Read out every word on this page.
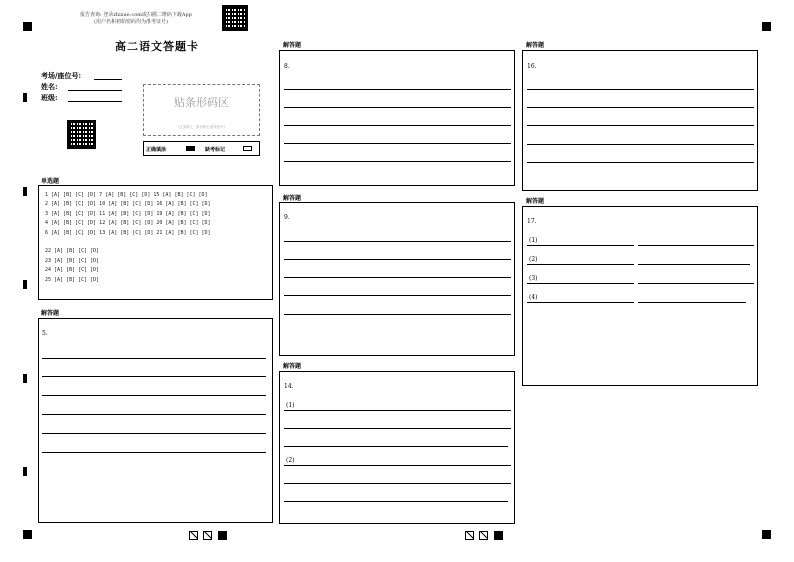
报告查询: 登录zhixue.com或扫描二维码下载App
(用户名和初始密码均为准考证号)
高二语文答题卡
考场/座位号:
姓名:
班级:	贴条形码区
(正面朝上, 请勿贴出虚线框外)
正确填涂	缺考标记
单选题
1 [A] [B] [C] [D] 7 [A] [B] [C] [D] 15 [A] [B] [C] [D]
2 [A] [B] [C] [D] 10 [A] [B] [C] [D] 16 [A] [B] [C] [D]
3 [A] [B] [C] [D] 11 [A] [B] [C] [D] 19 [A] [B] [C] [D]
4 [A] [B] [C] [D] 12 [A] [B] [C] [D] 20 [A] [B] [C] [D]
6 [A] [B] [C] [D] 13 [A] [B] [C] [D] 21 [A] [B] [C] [D]
22 [A] [B] [C] [D]
23 [A] [B] [C] [D]
24 [A] [B] [C] [D]
25 [A] [B] [C] [D]
解答题
5.
解答题
8.
解答题
9.
解答题
14.
(1)
(2)
解答题
16.
解答题
17.
(1)
(2)
(3)
(4)
